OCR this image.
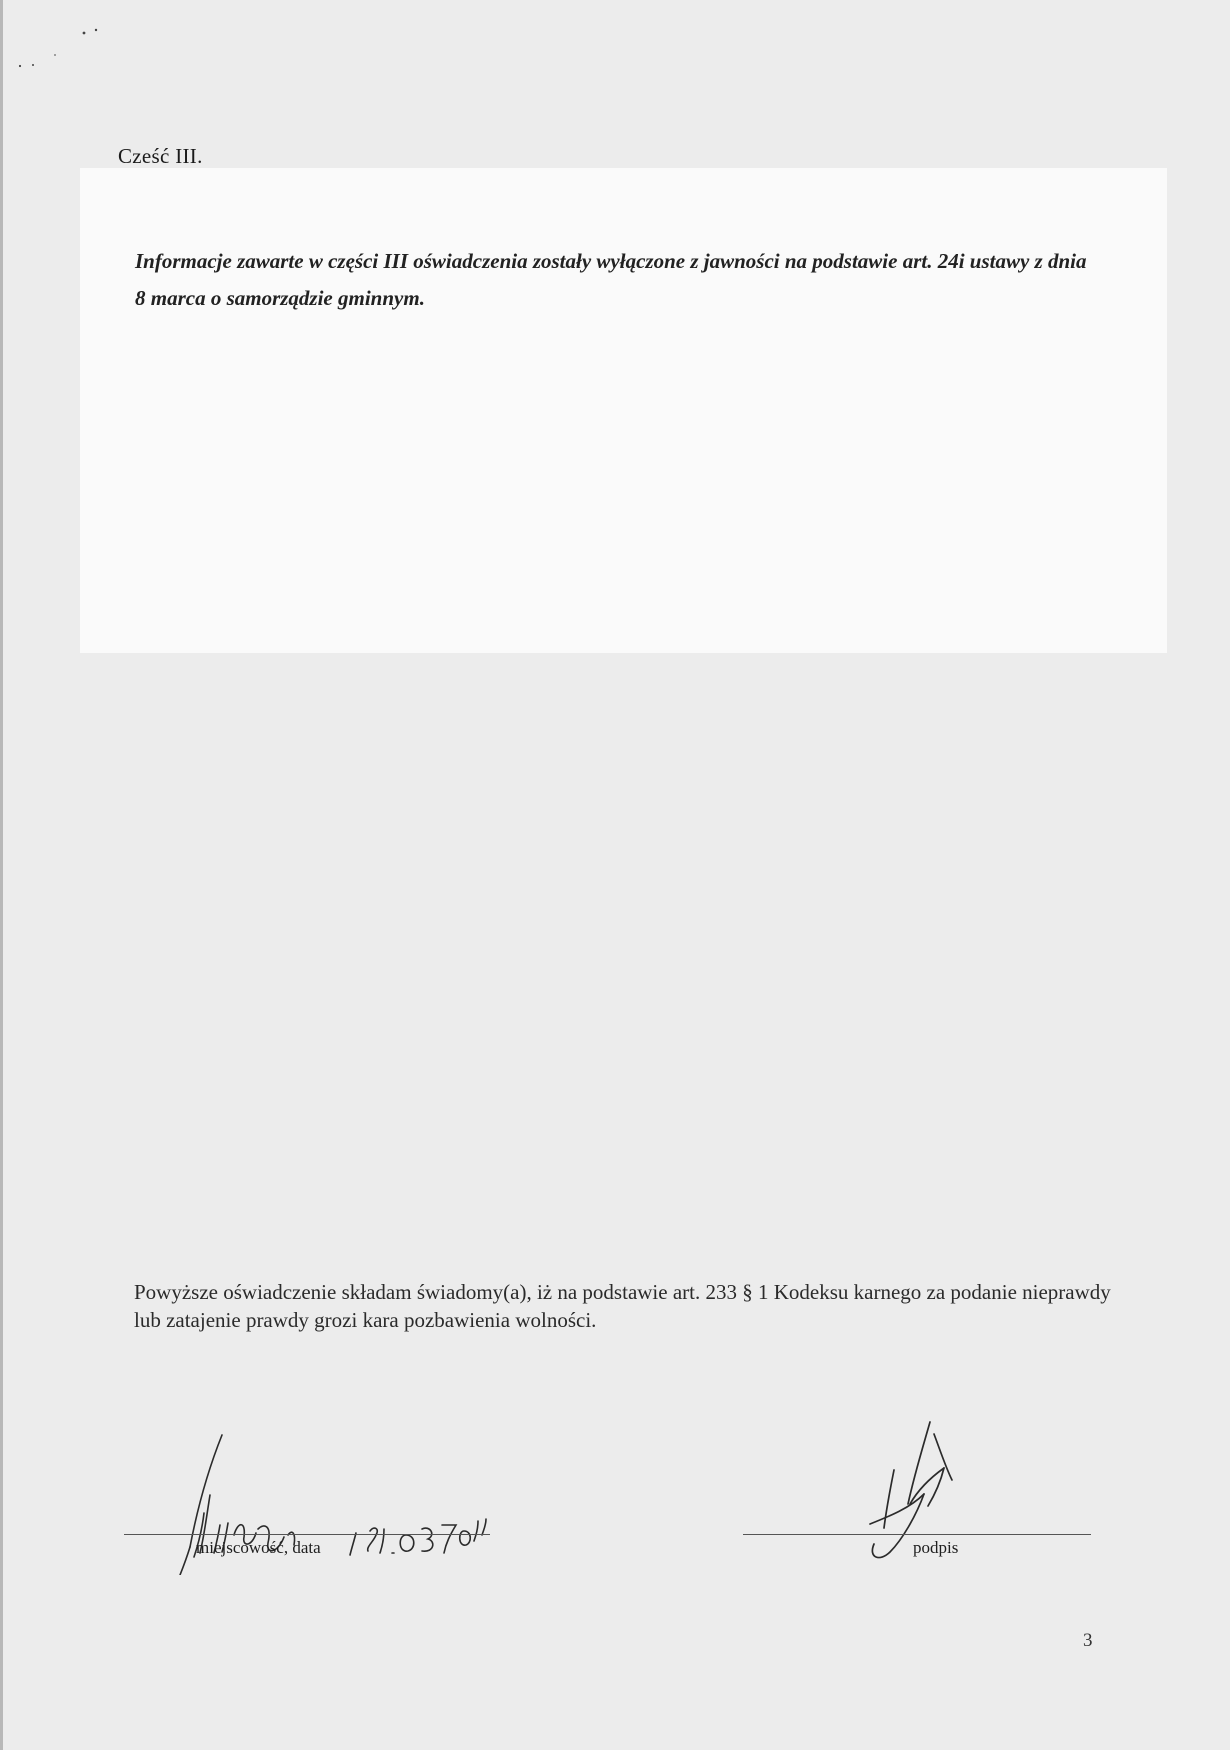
Cześć III.
Informacje zawarte w części III oświadczenia zostały wyłączone z jawności na podstawie art. 24i ustawy z dnia 8 marca o samorządzie gminnym.
Powyższe oświadczenie składam świadomy(a), iż na podstawie art. 233 § 1 Kodeksu karnego za podanie nieprawdy lub zatajenie prawdy grozi kara pozbawienia wolności.
miejscowość, data	podpis
3
